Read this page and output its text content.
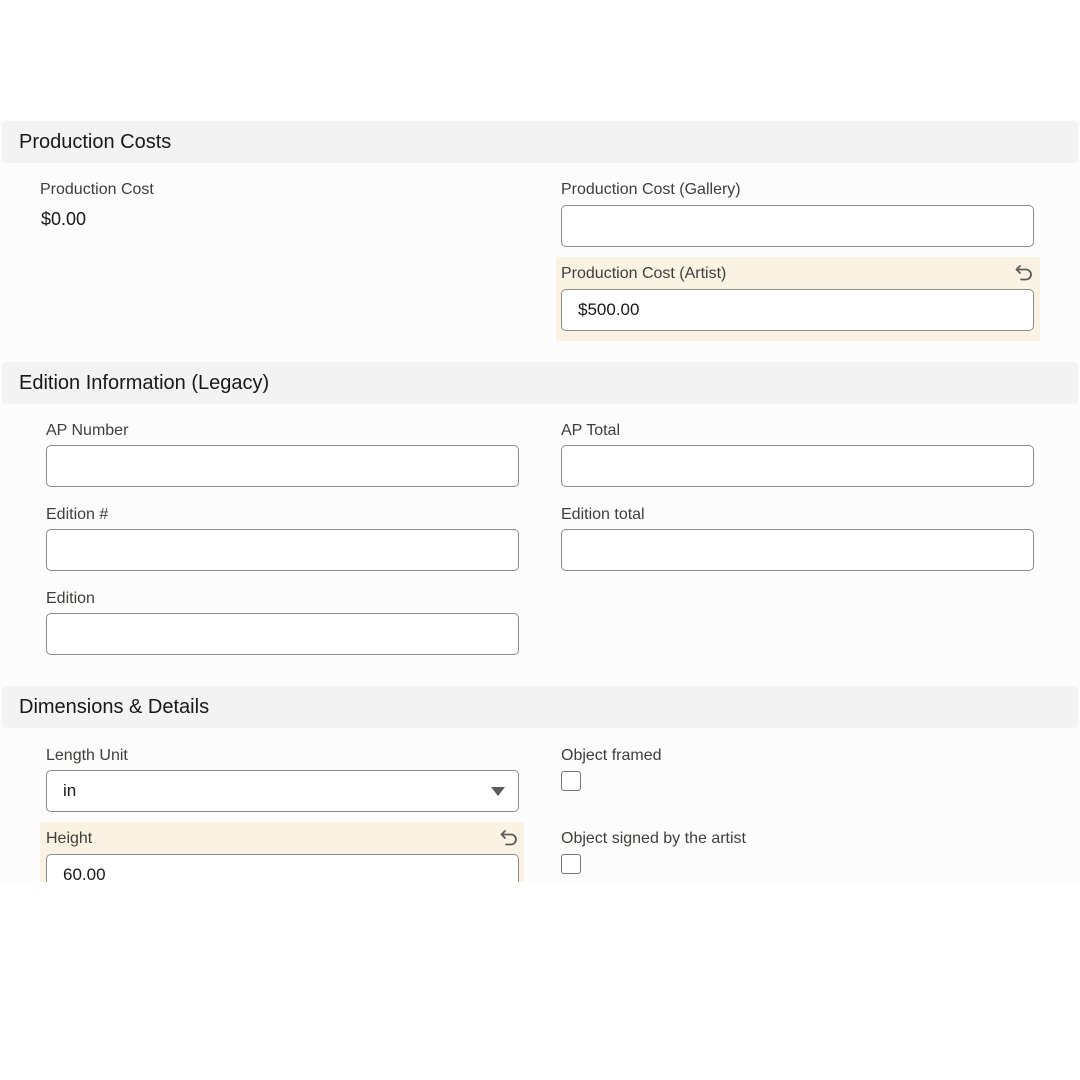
Production Costs
Production Cost
$0.00
Production Cost (Gallery)
Production Cost (Artist)
$500.00
Edition Information (Legacy)
AP Number	AP Total
Edition #	Edition total
Edition
Dimensions & Details
Length Unit
in
Object framed
Height
60.00
Object signed by the artist
